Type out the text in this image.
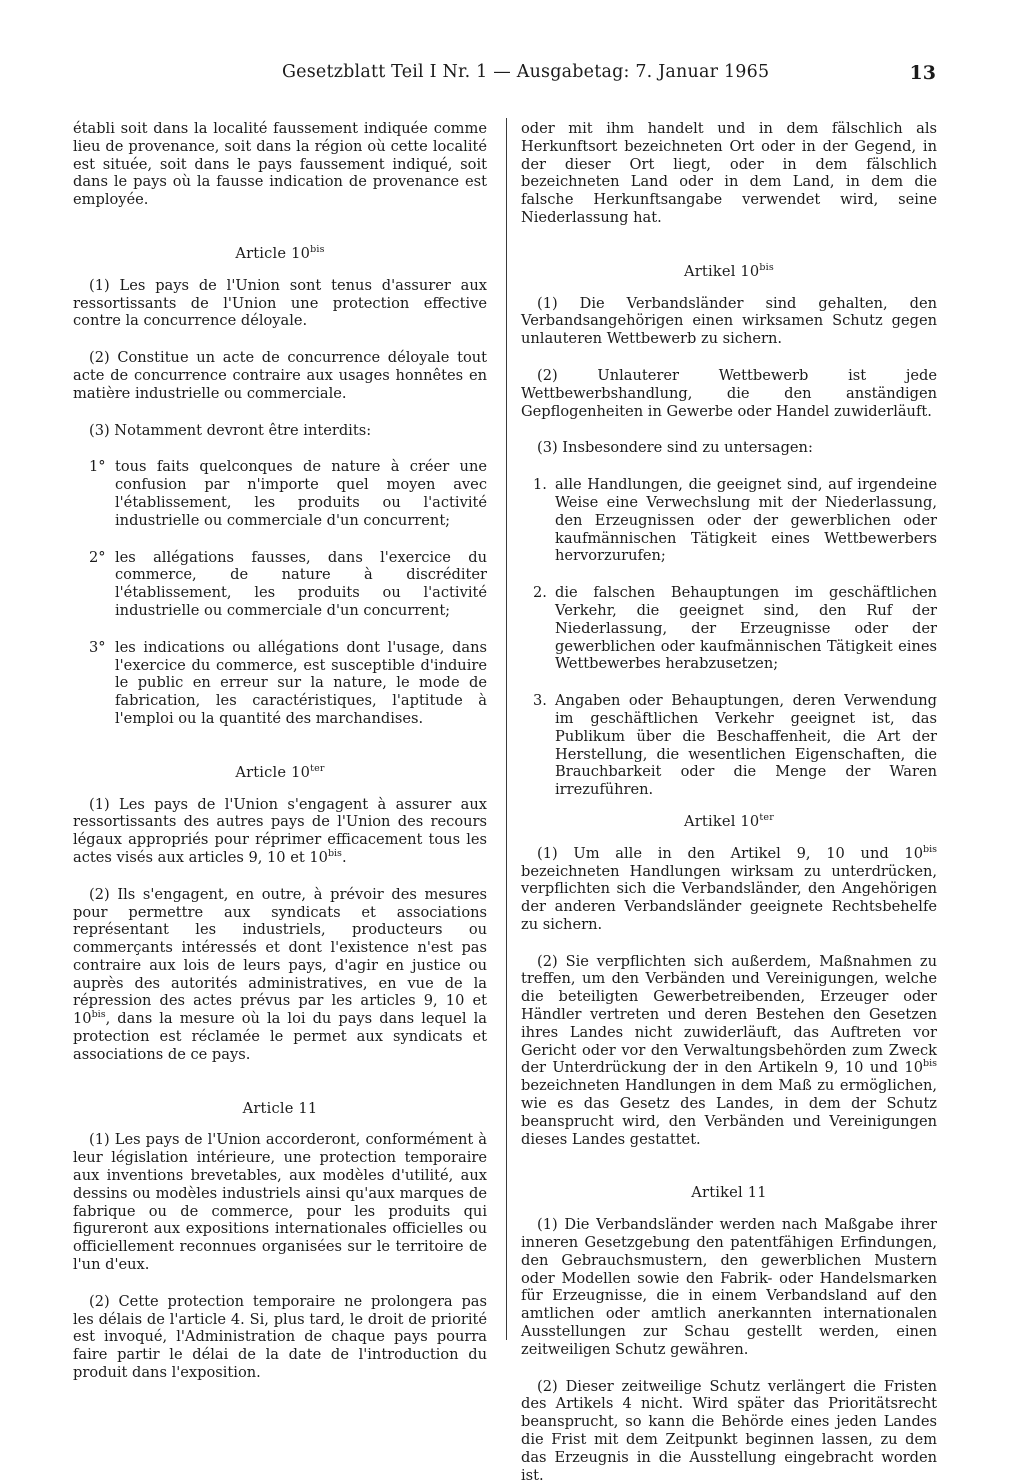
Gesetzblatt Teil I Nr. 1 — Ausgabetag: 7. Januar 1965	13

établi soit dans la localité faussement indiquée comme lieu de provenance, soit dans la région où cette localité est située, soit dans le pays faussement indiqué, soit dans le pays où la fausse indication de provenance est employée.

Article $10^{bis}$

(1) Les pays de l'Union sont tenus d'assurer aux ressortissants de l'Union une protection effective contre la concurrence déloyale.

(2) Constitue un acte de concurrence déloyale tout acte de concurrence contraire aux usages honnêtes en matière industrielle ou commerciale.

(3) Notamment devront être interdits:

1° tous faits quelconques de nature à créer une confusion par n'importe quel moyen avec l'établissement, les produits ou l'activité industrielle ou commerciale d'un concurrent;
2° les allégations fausses, dans l'exercice du commerce, de nature à discréditer l'établissement, les produits ou l'activité industrielle ou commerciale d'un concurrent;
3° les indications ou allégations dont l'usage, dans l'exercice du commerce, est susceptible d'induire le public en erreur sur la nature, le mode de fabrication, les caractéristiques, l'aptitude à l'emploi ou la quantité des marchandises.
Article $10^{ter}$

(1) Les pays de l'Union s'engagent à assurer aux ressortissants des autres pays de l'Union des recours légaux appropriés pour réprimer efficacement tous les actes visés aux articles 9, 10 et $10^{bis}$.

(2) Ils s'engagent, en outre, à prévoir des mesures pour permettre aux syndicats et associations représentant les industriels, producteurs ou commerçants intéressés et dont l'existence n'est pas contraire aux lois de leurs pays, d'agir en justice ou auprès des autorités administratives, en vue de la répression des actes prévus par les articles 9, 10 et $10^{bis}$, dans la mesure où la loi du pays dans lequel la protection est réclamée le permet aux syndicats et associations de ce pays.

Article 11

(1) Les pays de l'Union accorderont, conformément à leur législation intérieure, une protection temporaire aux inventions brevetables, aux modèles d'utilité, aux dessins ou modèles industriels ainsi qu'aux marques de fabrique ou de commerce, pour les produits qui figureront aux expositions internationales officielles ou officiellement reconnues organisées sur le territoire de l'un d'eux.

(2) Cette protection temporaire ne prolongera pas les délais de l'article 4. Si, plus tard, le droit de priorité est invoqué, l'Administration de chaque pays pourra faire partir le délai de la date de l'introduction du produit dans l'exposition.

oder mit ihm handelt und in dem fälschlich als Herkunftsort bezeichneten Ort oder in der Gegend, in der dieser Ort liegt, oder in dem fälschlich bezeichneten Land oder in dem Land, in dem die falsche Herkunftsangabe verwendet wird, seine Niederlassung hat.

Artikel $10^{bis}$

(1) Die Verbandsländer sind gehalten, den Verbandsangehörigen einen wirksamen Schutz gegen unlauteren Wettbewerb zu sichern.

(2) Unlauterer Wettbewerb ist jede Wettbewerbshandlung, die den anständigen Gepflogenheiten in Gewerbe oder Handel zuwiderläuft.

(3) Insbesondere sind zu untersagen:

1. alle Handlungen, die geeignet sind, auf irgendeine Weise eine Verwechslung mit der Niederlassung, den Erzeugnissen oder der gewerblichen oder kaufmännischen Tätigkeit eines Wettbewerbers hervorzurufen;
2. die falschen Behauptungen im geschäftlichen Verkehr, die geeignet sind, den Ruf der Niederlassung, der Erzeugnisse oder der gewerblichen oder kaufmännischen Tätigkeit eines Wettbewerbes herabzusetzen;
3. Angaben oder Behauptungen, deren Verwendung im geschäftlichen Verkehr geeignet ist, das Publikum über die Beschaffenheit, die Art der Herstellung, die wesentlichen Eigenschaften, die Brauchbarkeit oder die Menge der Waren irrezuführen.
Artikel $10^{ter}$

(1) Um alle in den Artikel 9, 10 und $10^{bis}$ bezeichneten Handlungen wirksam zu unterdrücken, verpflichten sich die Verbandsländer, den Angehörigen der anderen Verbandsländer geeignete Rechtsbehelfe zu sichern.

(2) Sie verpflichten sich außerdem, Maßnahmen zu treffen, um den Verbänden und Vereinigungen, welche die beteiligten Gewerbetreibenden, Erzeuger oder Händler vertreten und deren Bestehen den Gesetzen ihres Landes nicht zuwiderläuft, das Auftreten vor Gericht oder vor den Verwaltungsbehörden zum Zweck der Unterdrückung der in den Artikeln 9, 10 und $10^{bis}$ bezeichneten Handlungen in dem Maß zu ermöglichen, wie es das Gesetz des Landes, in dem der Schutz beansprucht wird, den Verbänden und Vereinigungen dieses Landes gestattet.

Artikel 11

(1) Die Verbandsländer werden nach Maßgabe ihrer inneren Gesetzgebung den patentfähigen Erfindungen, den Gebrauchsmustern, den gewerblichen Mustern oder Modellen sowie den Fabrik- oder Handelsmarken für Erzeugnisse, die in einem Verbandsland auf den amtlichen oder amtlich anerkannten internationalen Ausstellungen zur Schau gestellt werden, einen zeitweiligen Schutz gewähren.

(2) Dieser zeitweilige Schutz verlängert die Fristen des Artikels 4 nicht. Wird später das Prioritätsrecht beansprucht, so kann die Behörde eines jeden Landes die Frist mit dem Zeitpunkt beginnen lassen, zu dem das Erzeugnis in die Ausstellung eingebracht worden ist.
